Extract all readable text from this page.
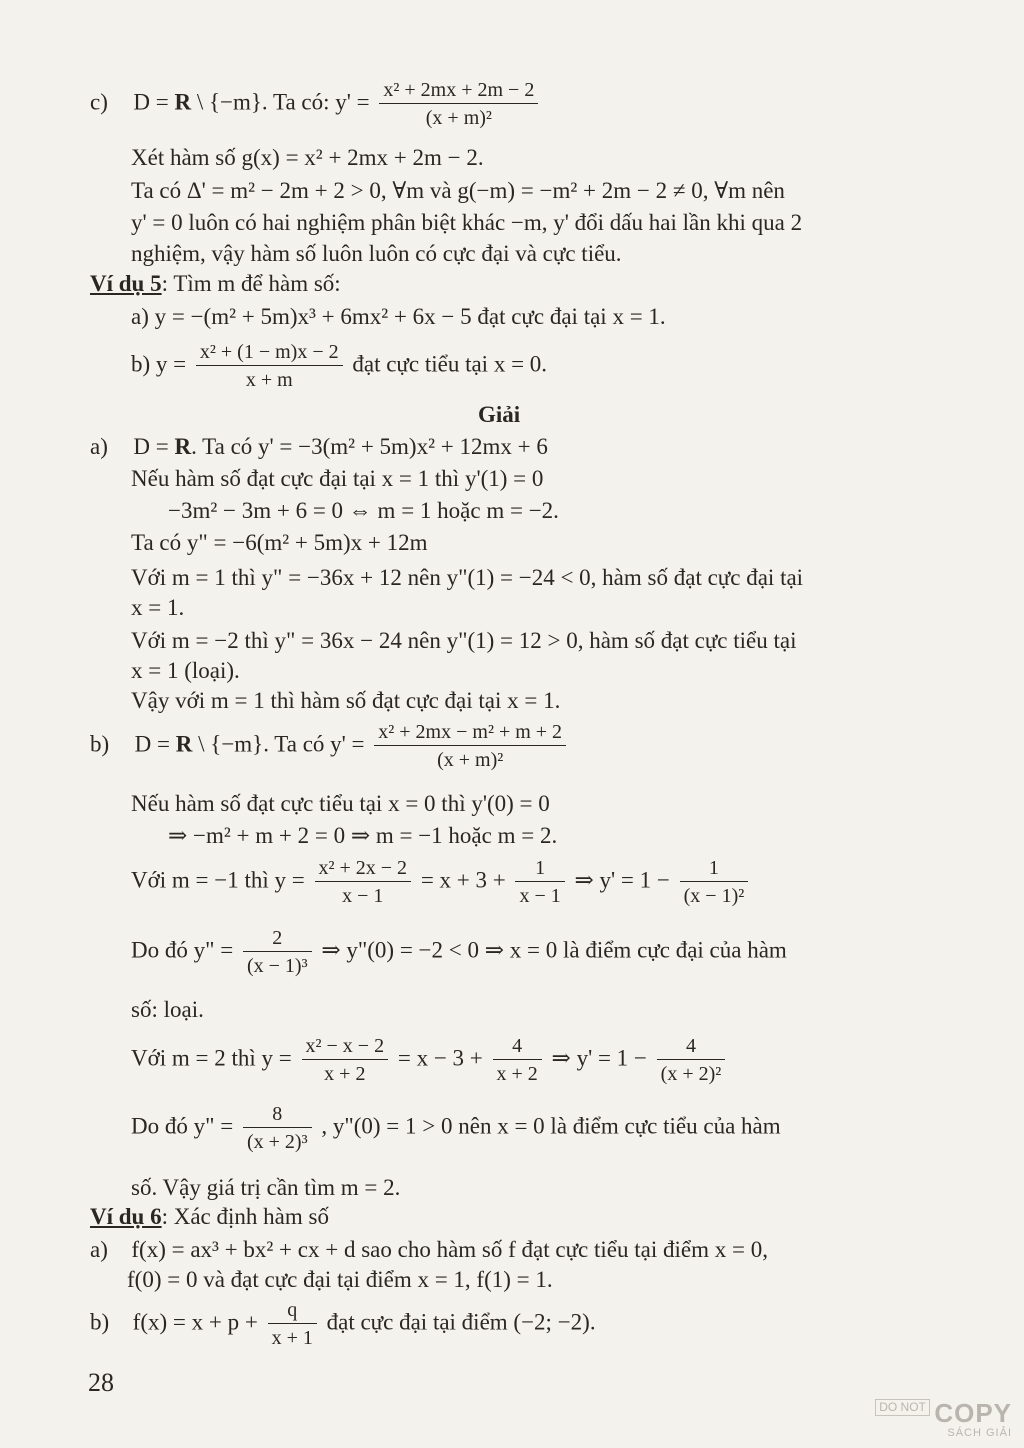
c) D = R \ {−m}. Ta có: $y' = \frac{\text{x² + 2mx + 2m − 2}}{\text{(x + m)²}}$
Xét hàm số g(x) = x² + 2mx + 2m − 2.
Ta có Δ' = m² − 2m + 2 > 0, ∀m và g(−m) = −m² + 2m − 2 ≠ 0, ∀m nên
y' = 0 luôn có hai nghiệm phân biệt khác −m, y' đổi dấu hai lần khi qua 2
nghiệm, vậy hàm số luôn luôn có cực đại và cực tiểu.
Ví dụ 5: Tìm m để hàm số:
a) y = −(m² + 5m)x³ + 6mx² + 6x − 5 đạt cực đại tại x = 1.
b) $y = \frac{\text{x² + (1 − m)x − 2}}{x + m}$ đạt cực tiểu tại x = 0.
Giải
a) D = R. Ta có y' = −3(m² + 5m)x² + 12mx + 6
Nếu hàm số đạt cực đại tại x = 1 thì y'(1) = 0
−3m² − 3m + 6 = 0 ⇔ m = 1 hoặc m = −2.
Ta có y" = −6(m² + 5m)x + 12m
Với m = 1 thì y" = −36x + 12 nên y"(1) = −24 < 0, hàm số đạt cực đại tại
x = 1.
Với m = −2 thì y" = 36x − 24 nên y"(1) = 12 > 0, hàm số đạt cực tiểu tại
x = 1 (loại).
Vậy với m = 1 thì hàm số đạt cực đại tại x = 1.
b) D = R \ {−m}. Ta có $y' = \frac{\text{x² + 2mx − m² + m + 2}}{\text{(x + m)²}}$
Nếu hàm số đạt cực tiểu tại x = 0 thì y'(0) = 0
⇒ −m² + m + 2 = 0 ⇒ m = −1 hoặc m = 2.
Với m = −1 thì $y = \frac{\text{x² + 2x − 2}}{x - 1} = x + 3 + \frac{1}{x - 1}$ ⇒ $y' = 1 - \frac{1}{\text{(x − 1)²}}$
Do đó y" = $\frac{2}{\text{(x − 1)³}}$ ⇒ y"(0) = −2 < 0 ⇒ x = 0 là điểm cực đại của hàm
số: loại.
Với m = 2 thì $y = \frac{\text{x² − x − 2}}{x + 2} = x - 3 + \frac{4}{x + 2}$ ⇒ $y' = 1 - \frac{4}{\text{(x + 2)²}}$
Do đó y" = $\frac{8}{\text{(x + 2)³}}$ , y"(0) = 1 > 0 nên x = 0 là điểm cực tiểu của hàm
số. Vậy giá trị cần tìm m = 2.
Ví dụ 6: Xác định hàm số
a) f(x) = ax³ + bx² + cx + d sao cho hàm số f đạt cực tiểu tại điểm x = 0,
f(0) = 0 và đạt cực đại tại điểm x = 1, f(1) = 1.
b) $f(x) = x + p + \frac{q}{x + 1}$ đạt cực đại tại điểm (−2; −2).
28
DO NOT COPY
SÁCH GIẢI
